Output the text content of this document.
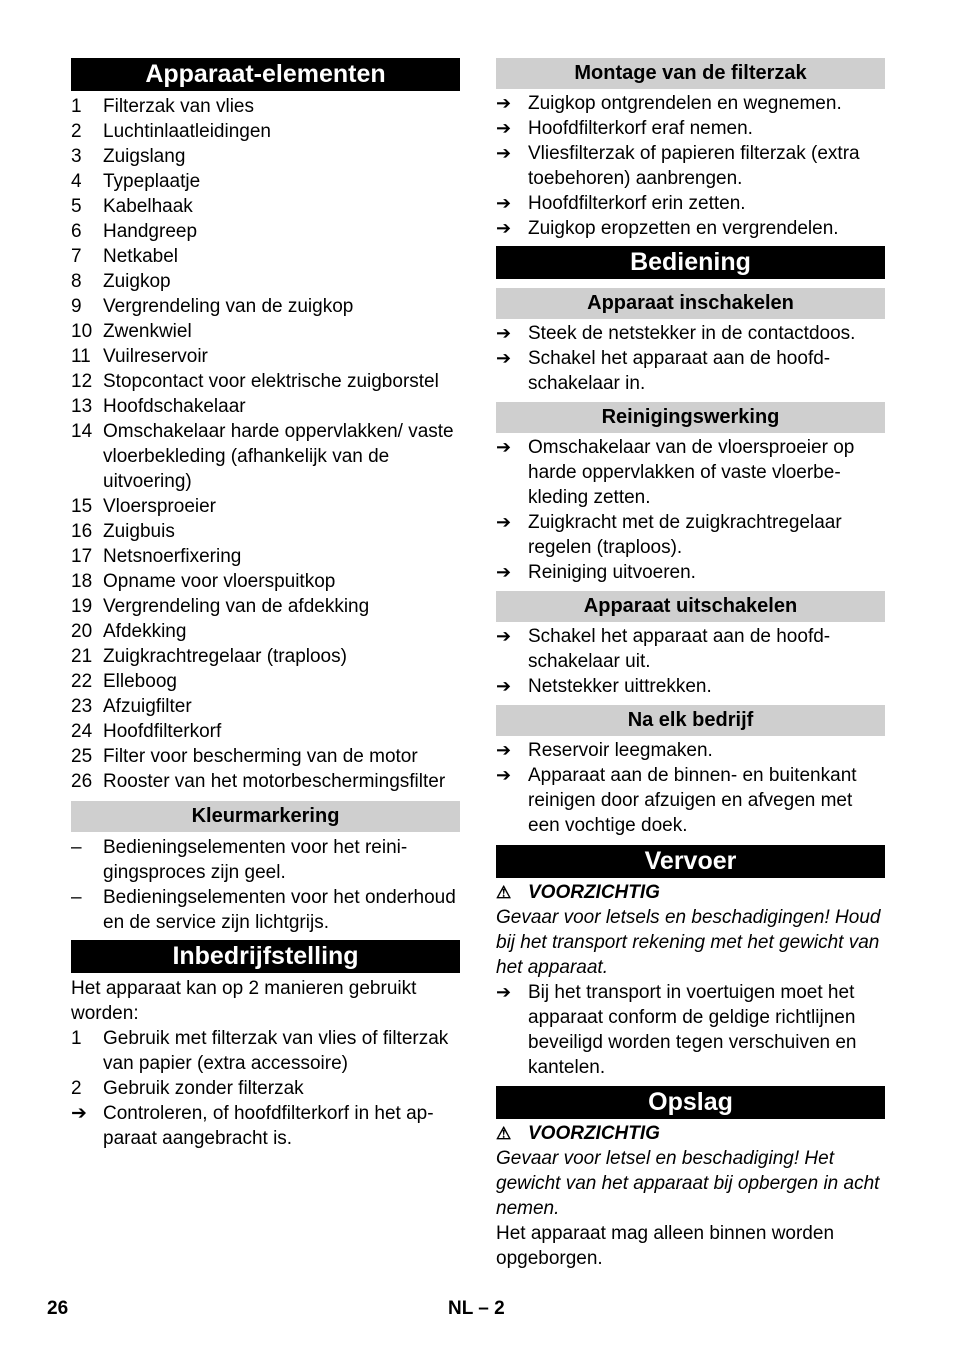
Apparaat-elementen
1	Filterzak van vlies
2	Luchtinlaatleidingen
3	Zuigslang
4	Typeplaatje
5	Kabelhaak
6	Handgreep
7	Netkabel
8	Zuigkop
9	Vergrendeling van de zuigkop
10 Zwenkwiel
11 Vuilreservoir
12 Stopcontact voor elektrische zuigborstel
13 Hoofdschakelaar
14 Omschakelaar harde oppervlakken/ vaste vloerbekleding (afhankelijk van de uitvoering)
15 Vloersproeier
16 Zuigbuis
17 Netsnoerfixering
18 Opname voor vloerspuitkop
19 Vergrendeling van de afdekking
20 Afdekking
21 Zuigkrachtregelaar (traploos)
22 Elleboog
23 Afzuigfilter
24 Hoofdfilterkorf
25 Filter voor bescherming van de motor
26 Rooster van het motorbeschermingsfilter
Kleurmarkering
–	Bedieningselementen voor het reinigingsproces zijn geel.
–	Bedieningselementen voor het onderhoud en de service zijn lichtgrijs.
Inbedrijfstelling
Het apparaat kan op 2 manieren gebruikt worden:
1	Gebruik met filterzak van vlies of filterzak van papier (extra accessoire)
2	Gebruik zonder filterzak
➔ Controleren, of hoofdfilterkorf in het apparaat aangebracht is.
Montage van de filterzak
➔ Zuigkop ontgrendelen en wegnemen.
➔ Hoofdfilterkorf eraf nemen.
➔ Vliesfilterzak of papieren filterzak (extra toebehoren) aanbrengen.
➔ Hoofdfilterkorf erin zetten.
➔ Zuigkop eropzetten en vergrendelen.
Bediening
Apparaat inschakelen
➔ Steek de netstekker in de contactdoos.
➔ Schakel het apparaat aan de hoofdschakelaar in.
Reinigingswerking
➔ Omschakelaar van de vloersproeier op harde oppervlakken of vaste vloerbekleding zetten.
➔ Zuigkracht met de zuigkrachtregelaar regelen (traploos).
➔ Reiniging uitvoeren.
Apparaat uitschakelen
➔ Schakel het apparaat aan de hoofdschakelaar uit.
➔ Netstekker uittrekken.
Na elk bedrijf
➔ Reservoir leegmaken.
➔ Apparaat aan de binnen- en buitenkant reinigen door afzuigen en afvegen met een vochtige doek.
Vervoer
⚠ VOORZICHTIG
Gevaar voor letsels en beschadigingen! Houd bij het transport rekening met het gewicht van het apparaat.
➔ Bij het transport in voertuigen moet het apparaat conform de geldige richtlijnen beveiligd worden tegen verschuiven en kantelen.
Opslag
⚠ VOORZICHTIG
Gevaar voor letsel en beschadiging! Het gewicht van het apparaat bij opbergen in acht nemen.
Het apparaat mag alleen binnen worden opgeborgen.
26	NL – 2
